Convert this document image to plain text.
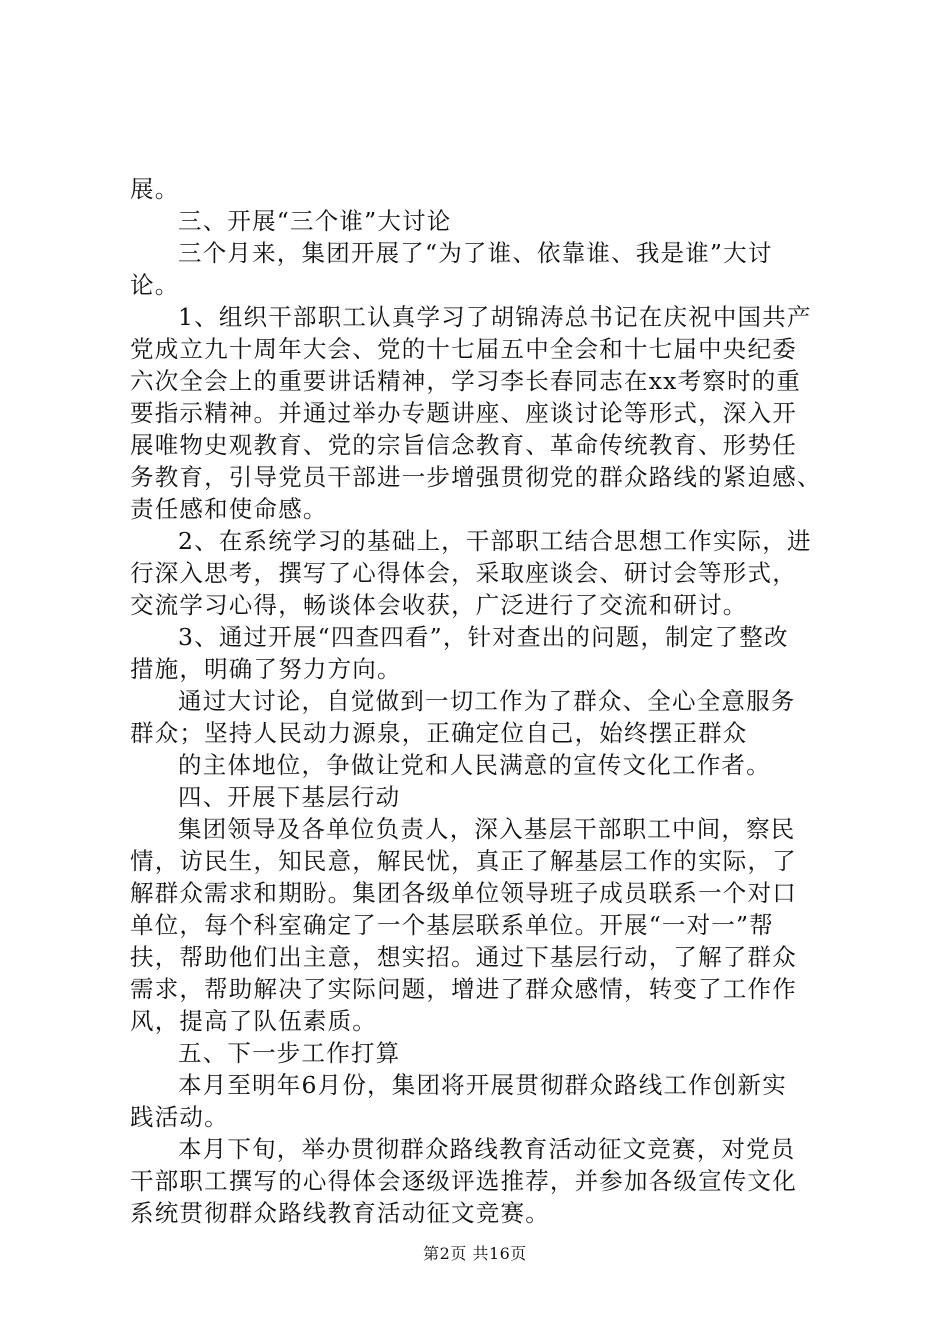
展。
三、开展“三个谁”大讨论
三个月来，集团开展了“为了谁、依靠谁、我是谁”大讨
论。
1、组织干部职工认真学习了胡锦涛总书记在庆祝中国共产
党成立九十周年大会、党的十七届五中全会和十七届中央纪委
六次全会上的重要讲话精神，学习李长春同志在xx考察时的重
要指示精神。并通过举办专题讲座、座谈讨论等形式，深入开
展唯物史观教育、党的宗旨信念教育、革命传统教育、形势任
务教育，引导党员干部进一步增强贯彻党的群众路线的紧迫感、
责任感和使命感。
2、在系统学习的基础上，干部职工结合思想工作实际，进
行深入思考，撰写了心得体会，采取座谈会、研讨会等形式，
交流学习心得，畅谈体会收获，广泛进行了交流和研讨。
3、通过开展“四查四看”，针对查出的问题，制定了整改
措施，明确了努力方向。
通过大讨论，自觉做到一切工作为了群众、全心全意服务
群众；坚持人民动力源泉，正确定位自己，始终摆正群众
的主体地位，争做让党和人民满意的宣传文化工作者。
四、开展下基层行动
集团领导及各单位负责人，深入基层干部职工中间，察民
情，访民生，知民意，解民忧，真正了解基层工作的实际，了
解群众需求和期盼。集团各级单位领导班子成员联系一个对口
单位，每个科室确定了一个基层联系单位。开展“一对一”帮
扶，帮助他们出主意，想实招。通过下基层行动，了解了群众
需求，帮助解决了实际问题，增进了群众感情，转变了工作作
风，提高了队伍素质。
五、下一步工作打算
本月至明年6月份，集团将开展贯彻群众路线工作创新实
践活动。
本月下旬，举办贯彻群众路线教育活动征文竞赛，对党员
干部职工撰写的心得体会逐级评选推荐，并参加各级宣传文化
系统贯彻群众路线教育活动征文竞赛。
第2页 共16页
